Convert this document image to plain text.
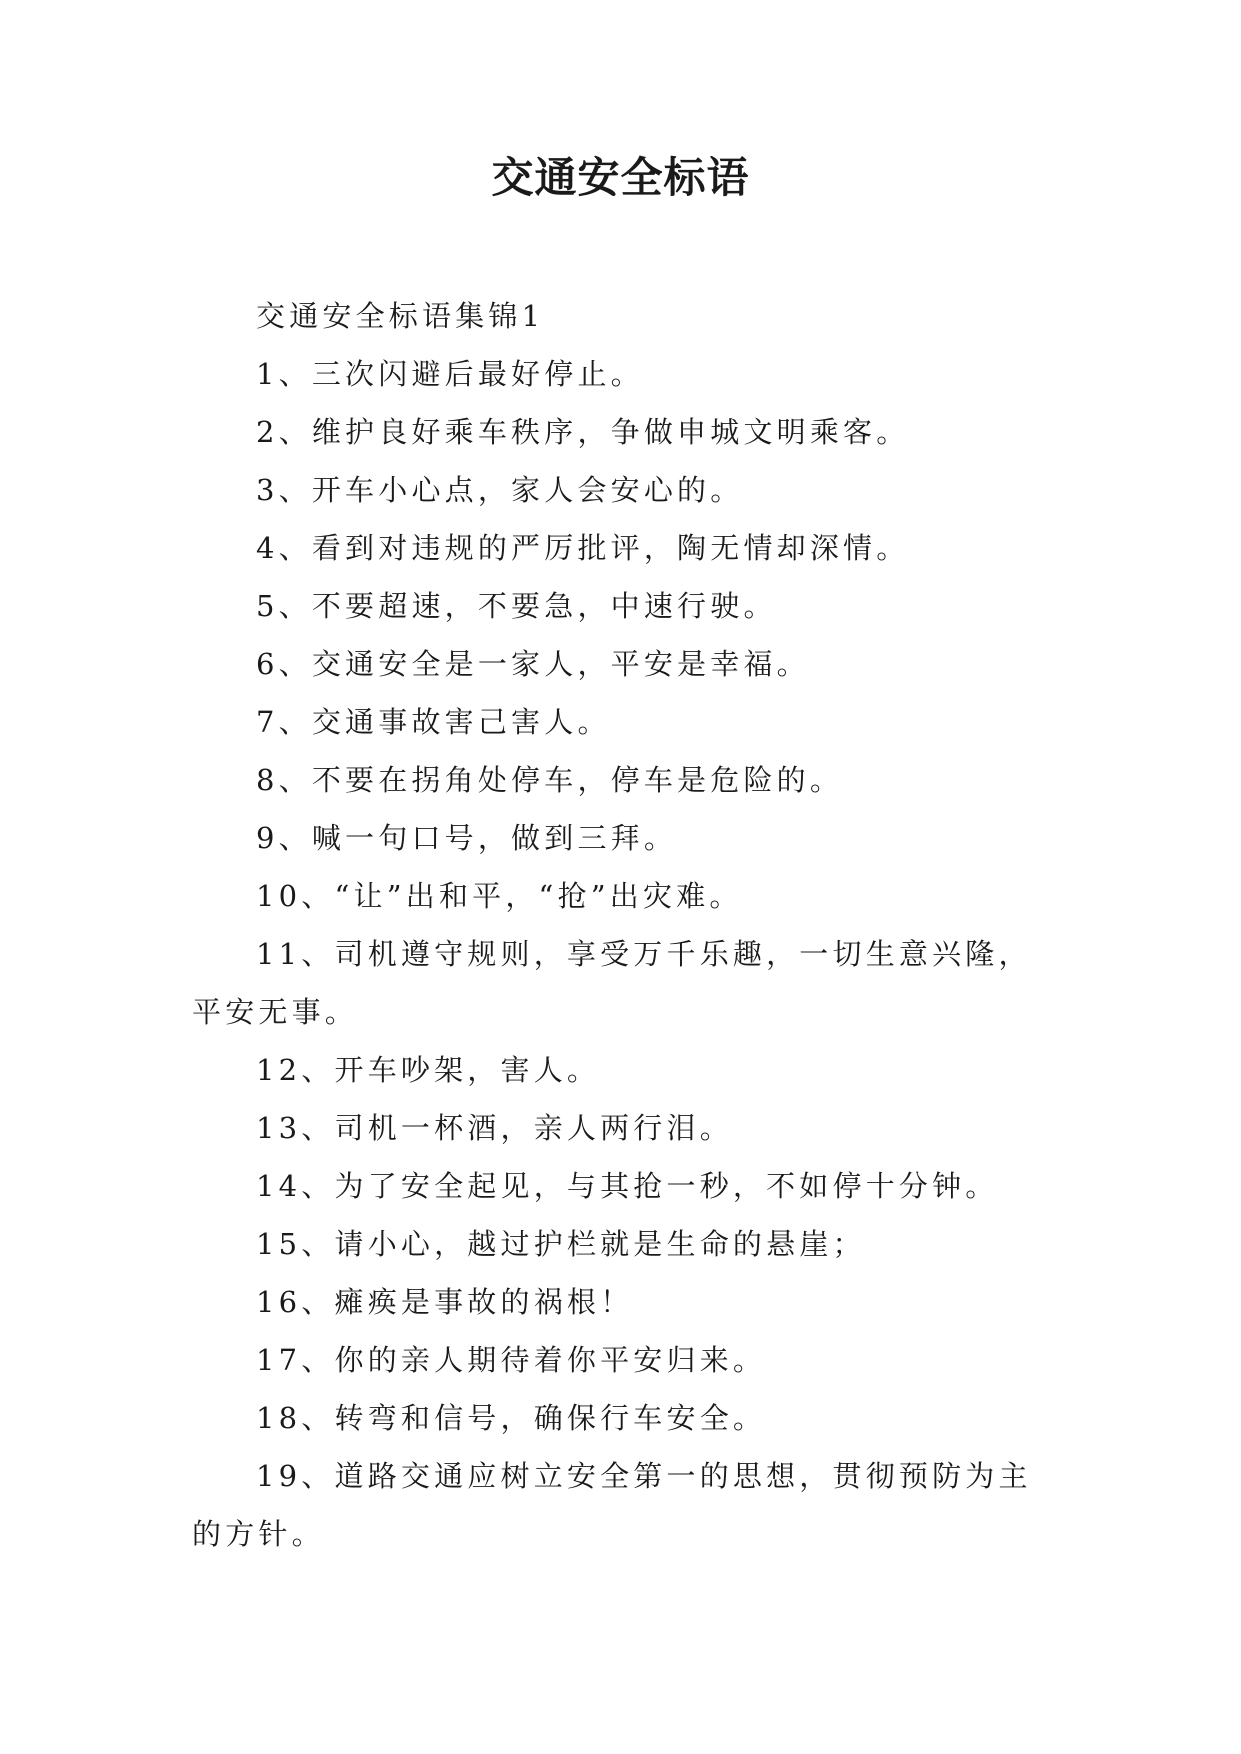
交通安全标语

交通安全标语集锦1

1、三次闪避后最好停止。

2、维护良好乘车秩序，争做申城文明乘客。

3、开车小心点，家人会安心的。

4、看到对违规的严厉批评，陶无情却深情。

5、不要超速，不要急，中速行驶。

6、交通安全是一家人，平安是幸福。

7、交通事故害己害人。

8、不要在拐角处停车，停车是危险的。

9、喊一句口号，做到三拜。

10、“让”出和平，“抢”出灾难。

11、司机遵守规则，享受万千乐趣，一切生意兴隆，平安无事。

12、开车吵架，害人。

13、司机一杯酒，亲人两行泪。

14、为了安全起见，与其抢一秒，不如停十分钟。

15、请小心，越过护栏就是生命的悬崖；

16、瘫痪是事故的祸根！

17、你的亲人期待着你平安归来。

18、转弯和信号，确保行车安全。

19、道路交通应树立安全第一的思想，贯彻预防为主的方针。
